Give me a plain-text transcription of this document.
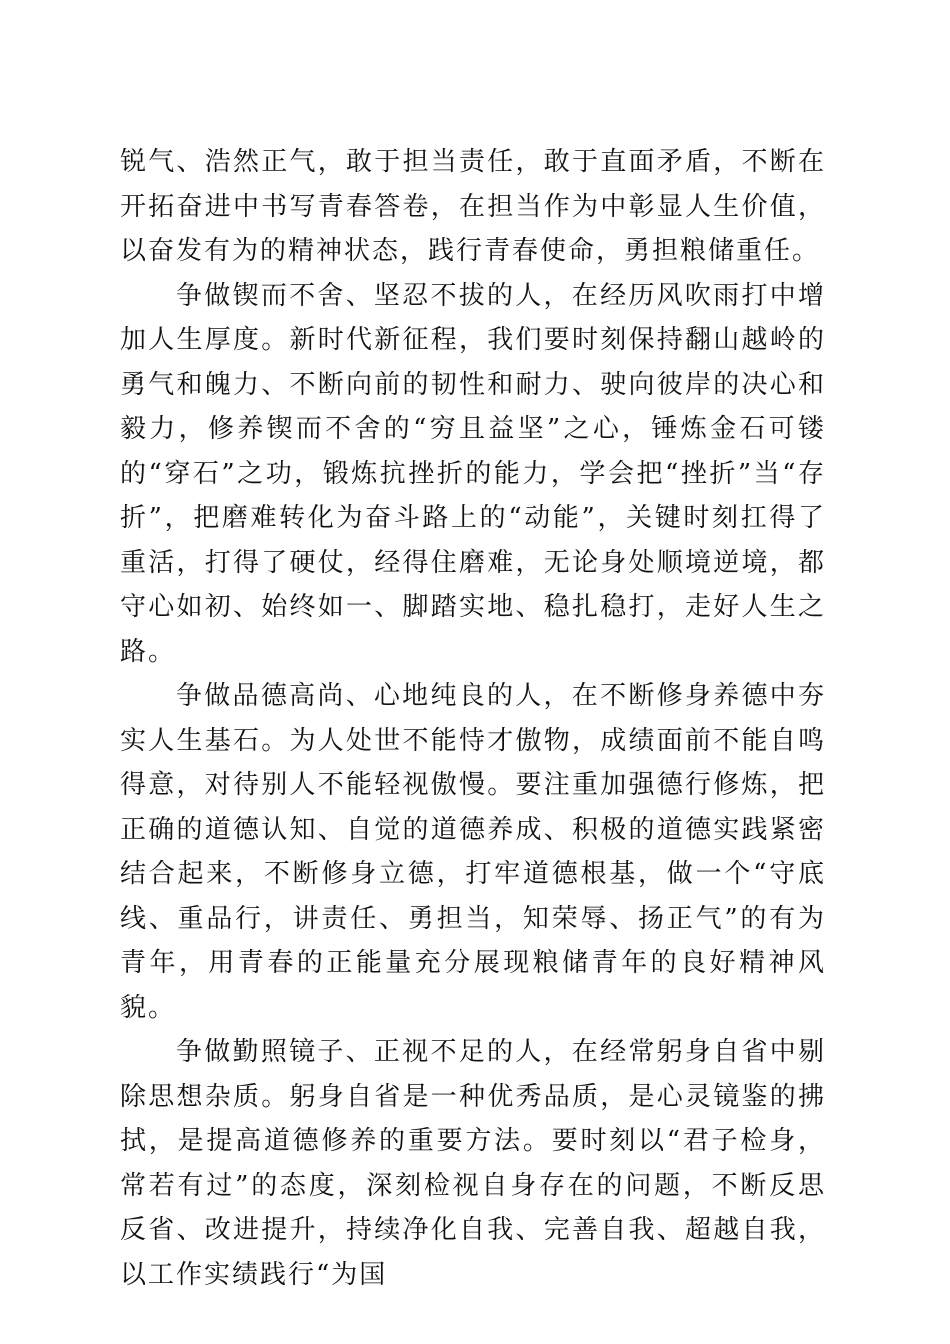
锐气、浩然正气，敢于担当责任，敢于直面矛盾，不断在开拓奋进中书写青春答卷，在担当作为中彰显人生价值，以奋发有为的精神状态，践行青春使命，勇担粮储重任。

争做锲而不舍、坚忍不拔的人，在经历风吹雨打中增加人生厚度。新时代新征程，我们要时刻保持翻山越岭的勇气和魄力、不断向前的韧性和耐力、驶向彼岸的决心和毅力，修养锲而不舍的“穷且益坚”之心，锤炼金石可镂的“穿石”之功，锻炼抗挫折的能力，学会把“挫折”当“存折”，把磨难转化为奋斗路上的“动能”，关键时刻扛得了重活，打得了硬仗，经得住磨难，无论身处顺境逆境，都守心如初、始终如一、脚踏实地、稳扎稳打，走好人生之路。

争做品德高尚、心地纯良的人，在不断修身养德中夯实人生基石。为人处世不能恃才傲物，成绩面前不能自鸣得意，对待别人不能轻视傲慢。要注重加强德行修炼，把正确的道德认知、自觉的道德养成、积极的道德实践紧密结合起来，不断修身立德，打牢道德根基，做一个“守底线、重品行，讲责任、勇担当，知荣辱、扬正气”的有为青年，用青春的正能量充分展现粮储青年的良好精神风貌。

争做勤照镜子、正视不足的人，在经常躬身自省中剔除思想杂质。躬身自省是一种优秀品质，是心灵镜鉴的拂拭，是提高道德修养的重要方法。要时刻以“君子检身，常若有过”的态度，深刻检视自身存在的问题，不断反思反省、改进提升，持续净化自我、完善自我、超越自我，以工作实绩践行“为国
